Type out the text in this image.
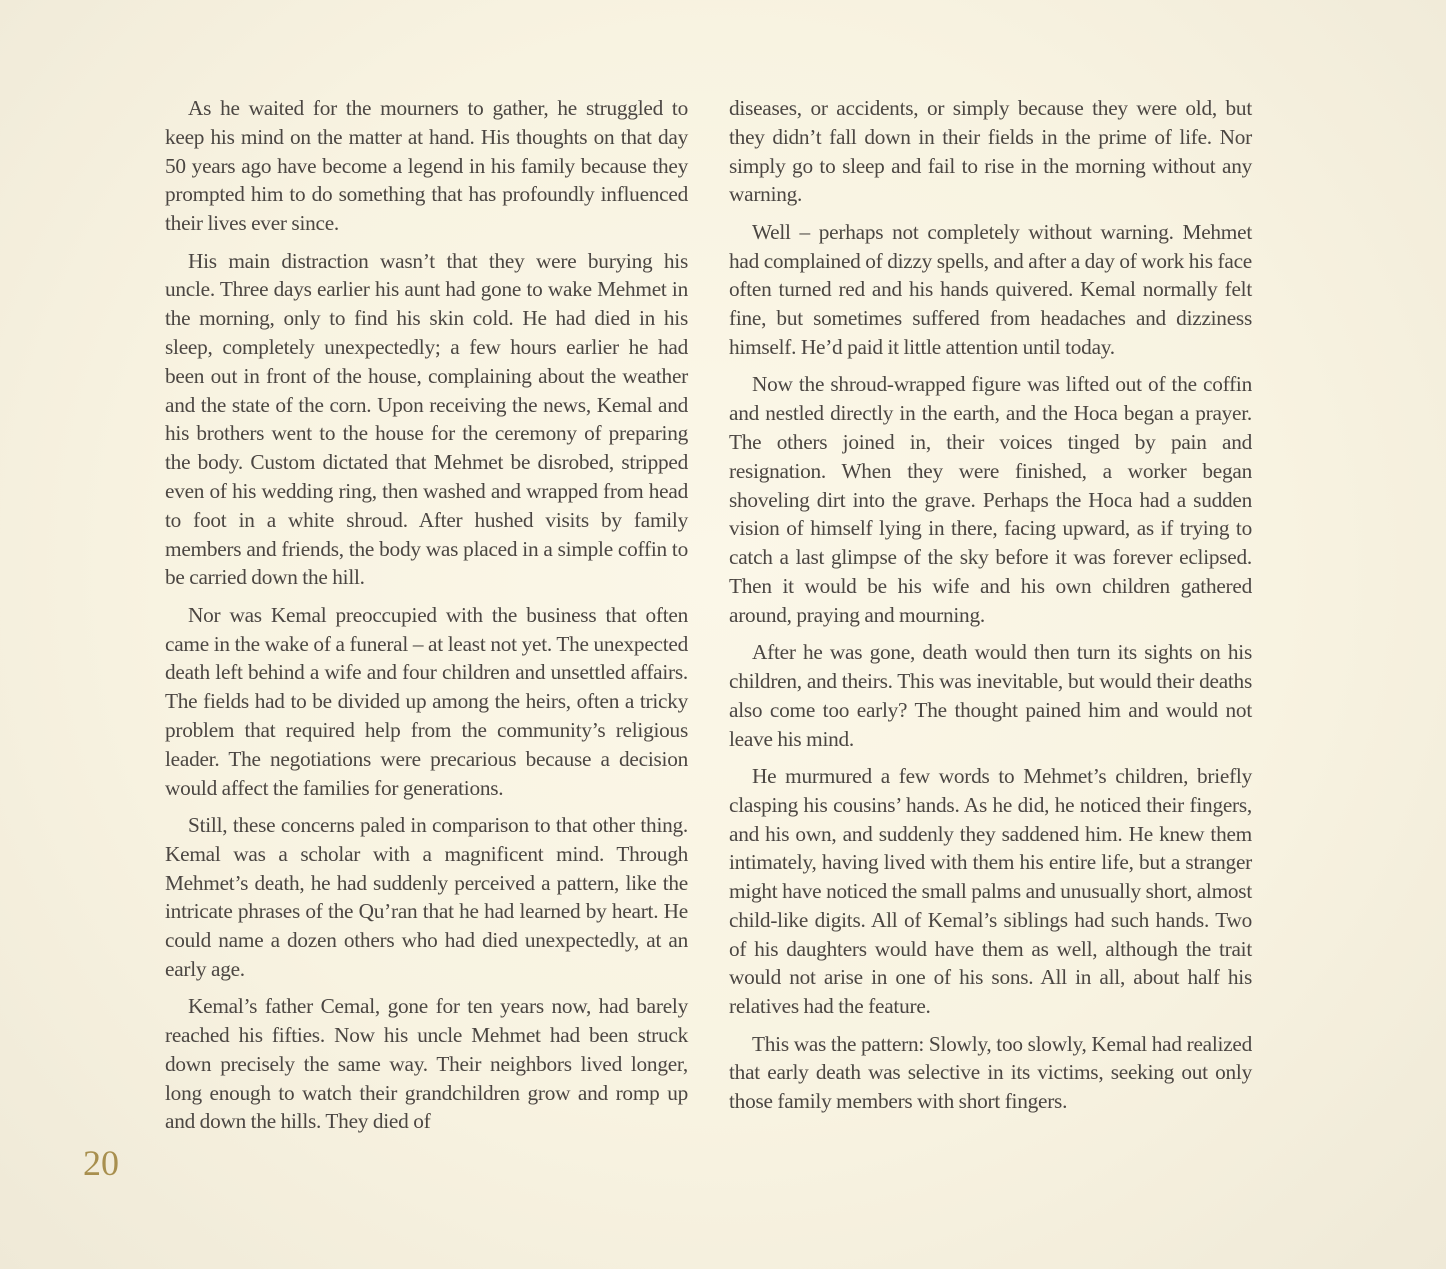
As he waited for the mourners to gather, he struggled to keep his mind on the matter at hand. His thoughts on that day 50 years ago have become a legend in his family because they prompted him to do something that has profoundly influenced their lives ever since.

His main distraction wasn’t that they were burying his uncle. Three days earlier his aunt had gone to wake Mehmet in the morning, only to find his skin cold. He had died in his sleep, completely unexpectedly; a few hours earlier he had been out in front of the house, complaining about the weather and the state of the corn. Upon receiving the news, Kemal and his brothers went to the house for the ceremony of preparing the body. Custom dictated that Mehmet be disrobed, stripped even of his wedding ring, then washed and wrapped from head to foot in a white shroud. After hushed visits by family members and friends, the body was placed in a simple coffin to be carried down the hill.

Nor was Kemal preoccupied with the business that often came in the wake of a funeral – at least not yet. The unexpected death left behind a wife and four children and unsettled affairs. The fields had to be divided up among the heirs, often a tricky problem that required help from the community’s religious leader. The negotiations were precarious because a decision would affect the families for generations.

Still, these concerns paled in comparison to that other thing. Kemal was a scholar with a magnificent mind. Through Mehmet’s death, he had suddenly perceived a pattern, like the intricate phrases of the Qu’ran that he had learned by heart. He could name a dozen others who had died unexpectedly, at an early age.

Kemal’s father Cemal, gone for ten years now, had barely reached his fifties. Now his uncle Mehmet had been struck down precisely the same way. Their neighbors lived longer, long enough to watch their grandchildren grow and romp up and down the hills. They died of

diseases, or accidents, or simply because they were old, but they didn’t fall down in their fields in the prime of life. Nor simply go to sleep and fail to rise in the morning without any warning.

Well – perhaps not completely without warning. Mehmet had complained of dizzy spells, and after a day of work his face often turned red and his hands quivered. Kemal normally felt fine, but sometimes suffered from headaches and dizziness himself. He’d paid it little attention until today.

Now the shroud-wrapped figure was lifted out of the coffin and nestled directly in the earth, and the Hoca began a prayer. The others joined in, their voices tinged by pain and resignation. When they were finished, a worker began shoveling dirt into the grave. Perhaps the Hoca had a sudden vision of himself lying in there, facing upward, as if trying to catch a last glimpse of the sky before it was forever eclipsed. Then it would be his wife and his own children gathered around, praying and mourning.

After he was gone, death would then turn its sights on his children, and theirs. This was inevitable, but would their deaths also come too early? The thought pained him and would not leave his mind.

He murmured a few words to Mehmet’s children, briefly clasping his cousins’ hands. As he did, he noticed their fingers, and his own, and suddenly they saddened him. He knew them intimately, having lived with them his entire life, but a stranger might have noticed the small palms and unusually short, almost child-like digits. All of Kemal’s siblings had such hands. Two of his daughters would have them as well, although the trait would not arise in one of his sons. All in all, about half his relatives had the feature.

This was the pattern: Slowly, too slowly, Kemal had realized that early death was selective in its victims, seeking out only those family members with short fingers.

20
